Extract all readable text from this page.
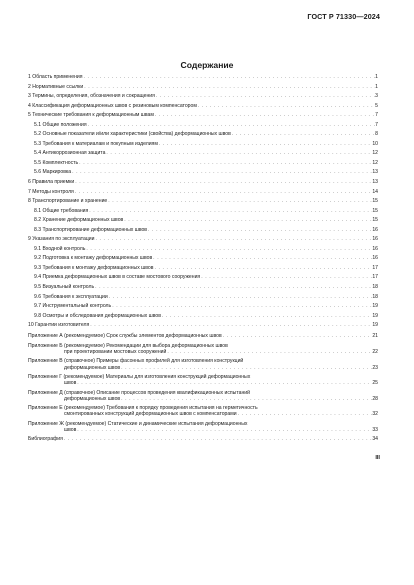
ГОСТ Р 71330—2024
Содержание
1 Область применения . . .	1
2 Нормативные ссылки . . .	1
3 Термины, определения, обозначения и сокращения . . .	3
4 Классификация деформационных швов с резиновым компенсатором . . .	5
5 Технические требования к деформационным швам . . .	7
5.1 Общие положения . . .	7
5.2 Основные показатели и/или характеристики (свойства) деформационных швов . . .	8
5.3 Требования к материалам и покупным изделиям . . .	10
5.4 Антикоррозионная защита . . .	12
5.5 Комплектность . . .	12
5.6 Маркировка . . .	13
6 Правила приемки . . .	13
7 Методы контроля . . .	14
8 Транспортирование и хранение . . .	15
8.1 Общие требования . . .	15
8.2 Хранение деформационных швов . . .	15
8.3 Транспортирование деформационных швов . . .	16
9 Указания по эксплуатации . . .	16
9.1 Входной контроль . . .	16
9.2 Подготовка к монтажу деформационных швов . . .	16
9.3 Требования к монтажу деформационных швов . . .	17
9.4 Приемка деформационных швов в составе мостового сооружения . . .	17
9.5 Визуальный контроль . . .	18
9.6 Требования к эксплуатации . . .	18
9.7 Инструментальный контроль . . .	19
9.8 Осмотры и обследования деформационных швов . . .	19
10 Гарантии изготовителя . . .	19
Приложение А (рекомендуемое) Срок службы элементов деформационных швов . . .	21
Приложение Б (рекомендуемое) Рекомендации для выбора деформационных швов
при проектировании мостовых сооружений . . .	22
Приложение В (справочное) Примеры фасонных профилей для изготовления конструкций
деформационных швов . . .	23
Приложение Г (рекомендуемое) Материалы для изготовления конструкций деформационных
швов . . .	25
Приложение Д (справочное) Описание процессов проведения квалификационных испытаний
деформационных швов . . .	28
Приложение Е (рекомендуемое) Требования к порядку проведения испытания на герметичность
смонтированных конструкций деформационных швов с компенсаторами . . .	32
Приложение Ж (рекомендуемое) Статические и динамические испытания деформационных
швов . . .	33
Библиография . . .	34
III
